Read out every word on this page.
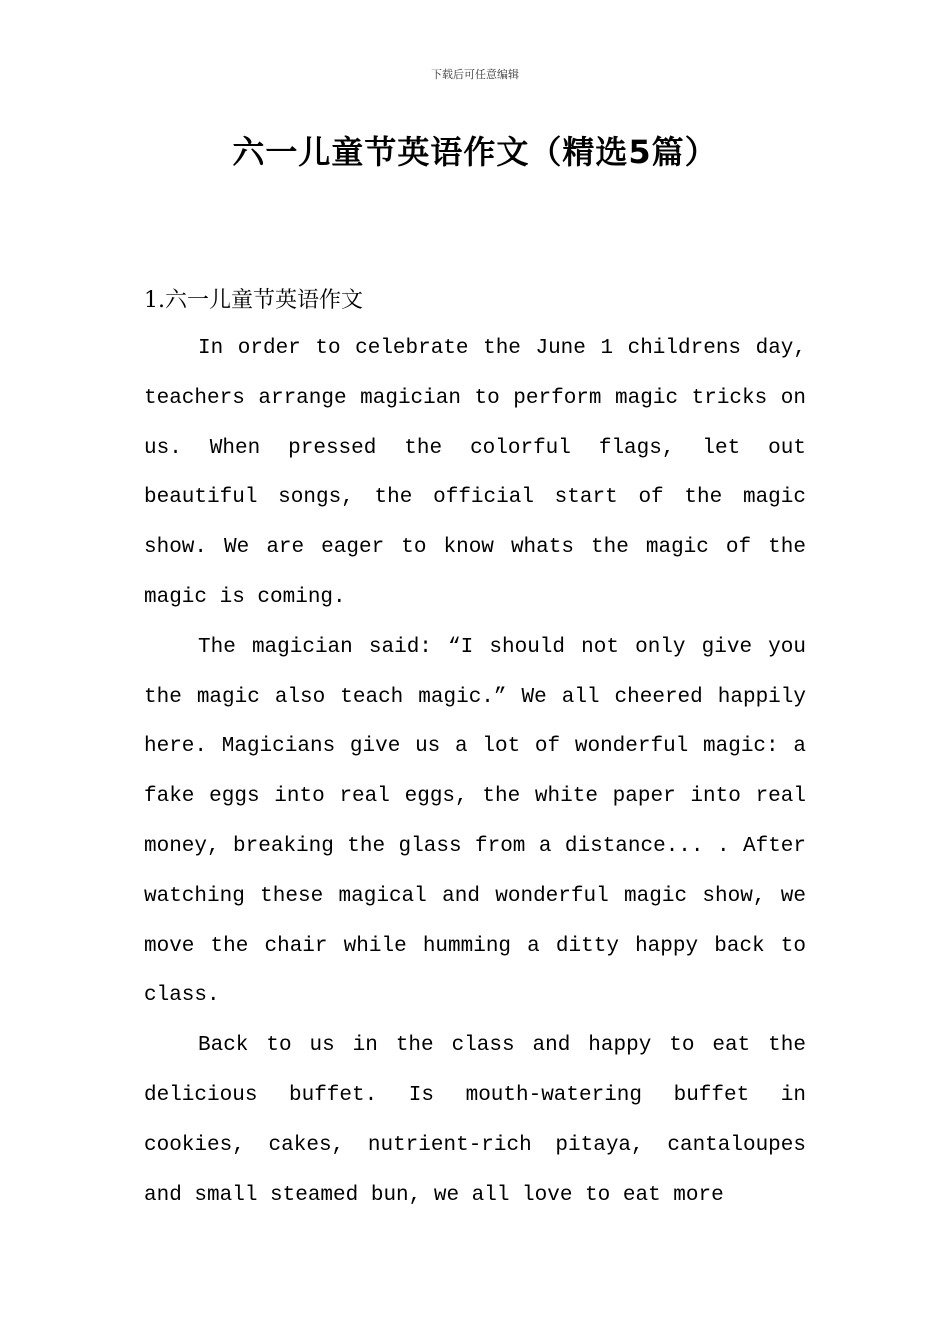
下载后可任意编辑
六一儿童节英语作文（精选5篇）
1.六一儿童节英语作文

In order to celebrate the June 1 childrens day, teachers arrange magician to perform magic tricks on us. When pressed the colorful flags, let out beautiful songs, the official start of the magic show. We are eager to know whats the magic of the magic is coming.

The magician said: “I should not only give you the magic also teach magic.” We all cheered happily here. Magicians give us a lot of wonderful magic: a fake eggs into real eggs, the white paper into real money, breaking the glass from a distance... . After watching these magical and wonderful magic show, we move the chair while humming a ditty happy back to class.

Back to us in the class and happy to eat the delicious buffet. Is mouth-watering buffet in cookies, cakes, nutrient-rich pitaya, cantaloupes and small steamed bun, we all love to eat more
